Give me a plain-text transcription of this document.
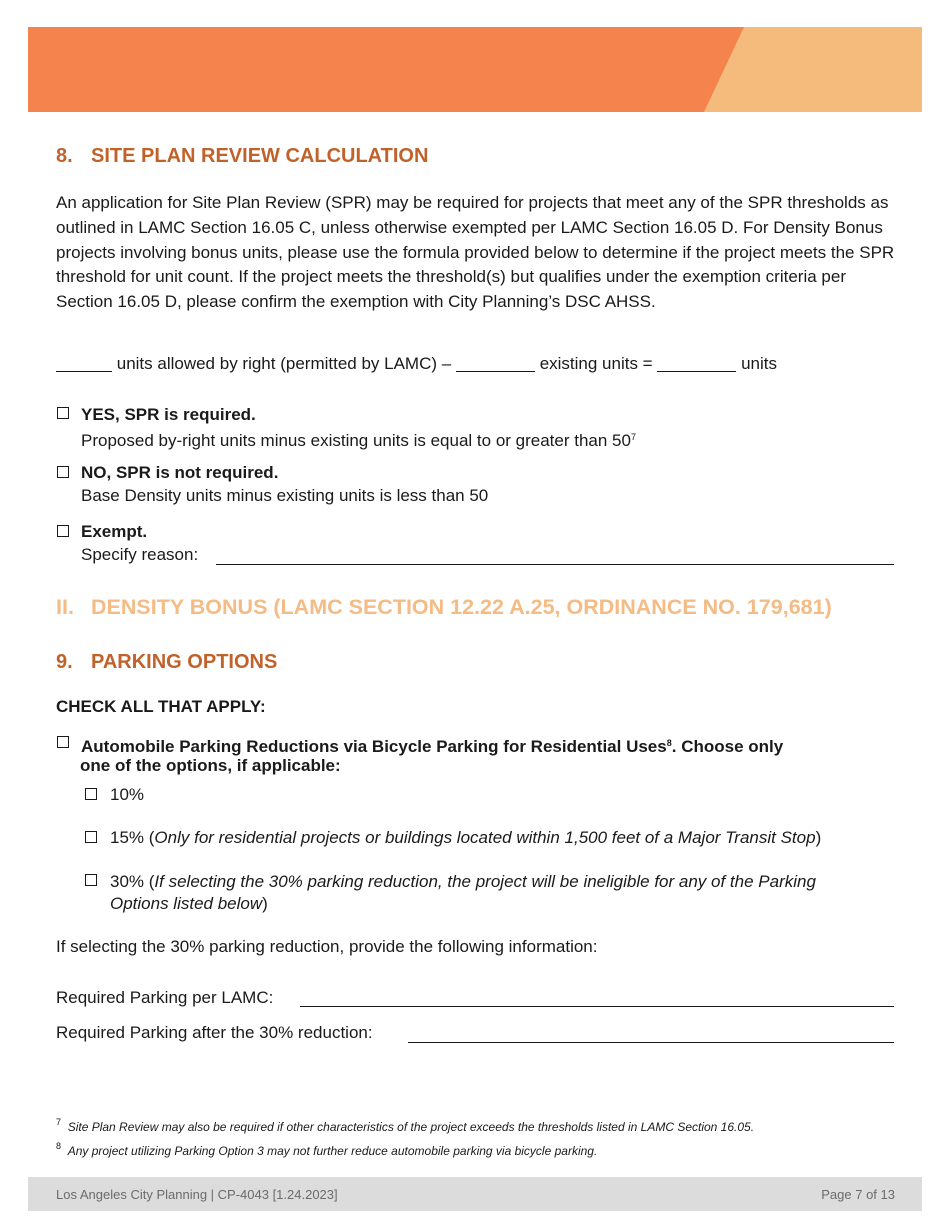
8. SITE PLAN REVIEW CALCULATION
An application for Site Plan Review (SPR) may be required for projects that meet any of the SPR thresholds as outlined in LAMC Section 16.05 C, unless otherwise exempted per LAMC Section 16.05 D. For Density Bonus projects involving bonus units, please use the formula provided below to determine if the project meets the SPR threshold for unit count. If the project meets the threshold(s) but qualifies under the exemption criteria per Section 16.05 D, please confirm the exemption with City Planning’s DSC AHSS.
units allowed by right (permitted by LAMC) –	existing units =	units
YES, SPR is required.
Proposed by-right units minus existing units is equal to or greater than $50^7$
NO, SPR is not required.
Base Density units minus existing units is less than 50
Exempt.
Specify reason:
II. DENSITY BONUS (LAMC SECTION 12.22 A.25, ORDINANCE NO. 179,681)
9. PARKING OPTIONS
CHECK ALL THAT APPLY:
Automobile Parking Reductions via Bicycle Parking for Residential Uses$^8$. Choose only
one of the options, if applicable:
10%
15% (Only for residential projects or buildings located within 1,500 feet of a Major Transit Stop)
30% (If selecting the 30% parking reduction, the project will be ineligible for any of the Parking
Options listed below)
If selecting the 30% parking reduction, provide the following information:
Required Parking per LAMC:
Required Parking after the 30% reduction:
$^7$ Site Plan Review may also be required if other characteristics of the project exceeds the thresholds listed in LAMC Section 16.05.
$^8$ Any project utilizing Parking Option 3 may not further reduce automobile parking via bicycle parking.
Los Angeles City Planning | CP-4043 [1.24.2023]	Page 7 of 13
